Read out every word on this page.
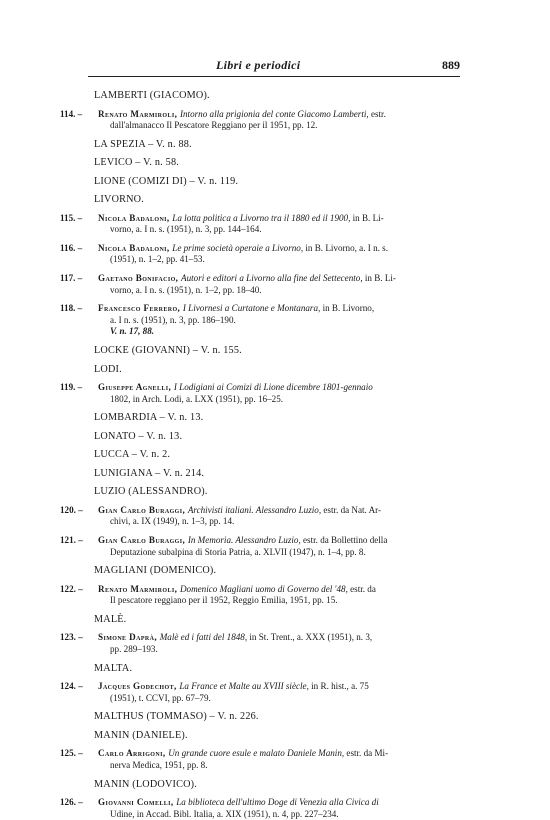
Libri e periodici	889
LAMBERTI (GIACOMO).
114. –	Renato Marmiroli, Intorno alla prigionia del conte Giacomo Lamberti, estr.
dall'almanacco Il Pescatore Reggiano per il 1951, pp. 12.
LA SPEZIA – V. n. 88.
LEVICO – V. n. 58.
LIONE (COMIZI DI) – V. n. 119.
LIVORNO.
115. –	Nicola Badaloni, La lotta politica a Livorno tra il 1880 ed il 1900, in B. Li-
vorno, a. I n. s. (1951), n. 3, pp. 144–164.
116. –	Nicola Badaloni, Le prime società operaie a Livorno, in B. Livorno, a. I n. s.
(1951), n. 1–2, pp. 41–53.
117. –	Gaetano Bonifacio, Autori e editori a Livorno alla fine del Settecento, in B. Li-
vorno, a. I n. s. (1951), n. 1–2, pp. 18–40.
118. –	Francesco Ferrero, I Livornesi a Curtatone e Montanara, in B. Livorno,
a. I n. s. (1951), n. 3, pp. 186–190.
V. n. 17, 88.
LOCKE (GIOVANNI) – V. n. 155.
LODI.
119. –	Giuseppe Agnelli, I Lodigiani ai Comizi di Lione dicembre 1801-gennaio
1802, in Arch. Lodi, a. LXX (1951), pp. 16–25.
LOMBARDIA – V. n. 13.
LONATO – V. n. 13.
LUCCA – V. n. 2.
LUNIGIANA – V. n. 214.
LUZIO (ALESSANDRO).
120. –	Gian Carlo Buraggi, Archivisti italiani. Alessandro Luzio, estr. da Nat. Ar-
chivi, a. IX (1949), n. 1–3, pp. 14.
121. –	Gian Carlo Buraggi, In Memoria. Alessandro Luzio, estr. da Bollettino della
Deputazione subalpina di Storia Patria, a. XLVII (1947), n. 1–4, pp. 8.
MAGLIANI (DOMENICO).
122. –	Renato Marmiroli, Domenico Magliani uomo di Governo del '48, estr. da
Il pescatore reggiano per il 1952, Reggio Emilia, 1951, pp. 15.
MALÈ.
123. –	Simone Daprà, Malè ed i fatti del 1848, in St. Trent., a. XXX (1951), n. 3,
pp. 289–193.
MALTA.
124. –	Jacques Godechot, La France et Malte au XVIII siècle, in R. hist., a. 75
(1951), t. CCVI, pp. 67–79.
MALTHUS (TOMMASO) – V. n. 226.
MANIN (DANIELE).
125. –	Carlo Arrigoni, Un grande cuore esule e malato Daniele Manin, estr. da Mi-
nerva Medica, 1951, pp. 8.
MANIN (LODOVICO).
126. –	Giovanni Comelli, La biblioteca dell'ultimo Doge di Venezia alla Civica di
Udine, in Accad. Bibl. Italia, a. XIX (1951), n. 4, pp. 227–234.
